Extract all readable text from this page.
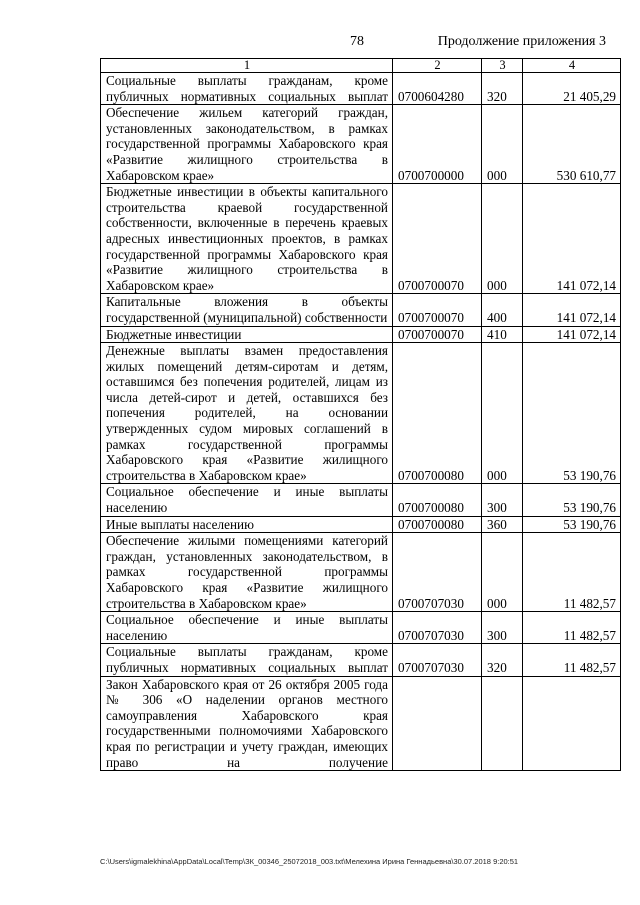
78	Продолжение приложения 3
1	2	3	4
Социальные выплаты гражданам, кроме публичных нормативных социальных выплат	0700604280	320	21 405,29
Обеспечение жильем категорий граждан, установленных законодательством, в рамках государственной программы Хабаровского края «Развитие жилищного строительства в Хабаровском крае»	0700700000	000	530 610,77
Бюджетные инвестиции в объекты капитального строительства краевой государственной собственности, включенные в перечень краевых адресных инвестиционных проектов, в рамках государственной программы Хабаровского края «Развитие жилищного строительства в Хабаровском крае»	0700700070	000	141 072,14
Капитальные вложения в объекты государственной (муниципальной) собственности	0700700070	400	141 072,14
Бюджетные инвестиции	0700700070	410	141 072,14
Денежные выплаты взамен предоставления жилых помещений детям-сиротам и детям, оставшимся без попечения родителей, лицам из числа детей-сирот и детей, оставшихся без попечения родителей, на основании утвержденных судом мировых соглашений в рамках государственной программы Хабаровского края «Развитие жилищного строительства в Хабаровском крае»	0700700080	000	53 190,76
Социальное обеспечение и иные выплаты населению	0700700080	300	53 190,76
Иные выплаты населению	0700700080	360	53 190,76
Обеспечение жилыми помещениями категорий граждан, установленных законодательством, в рамках государственной программы Хабаровского края «Развитие жилищного строительства в Хабаровском крае»	0700707030	000	11 482,57
Социальное обеспечение и иные выплаты населению	0700707030	300	11 482,57
Социальные выплаты гражданам, кроме публичных нормативных социальных выплат	0700707030	320	11 482,57
Закон Хабаровского края от 26 октября 2005 года № 306 «О наделении органов местного самоуправления Хабаровского края государственными полномочиями Хабаровского края по регистрации и учету граждан, имеющих право на получение			
C:\Users\igmalekhina\AppData\Local\Temp\ЗК_00346_25072018_003.txt\Мелехина Ирина Геннадьевна\30.07.2018 9:20:51
